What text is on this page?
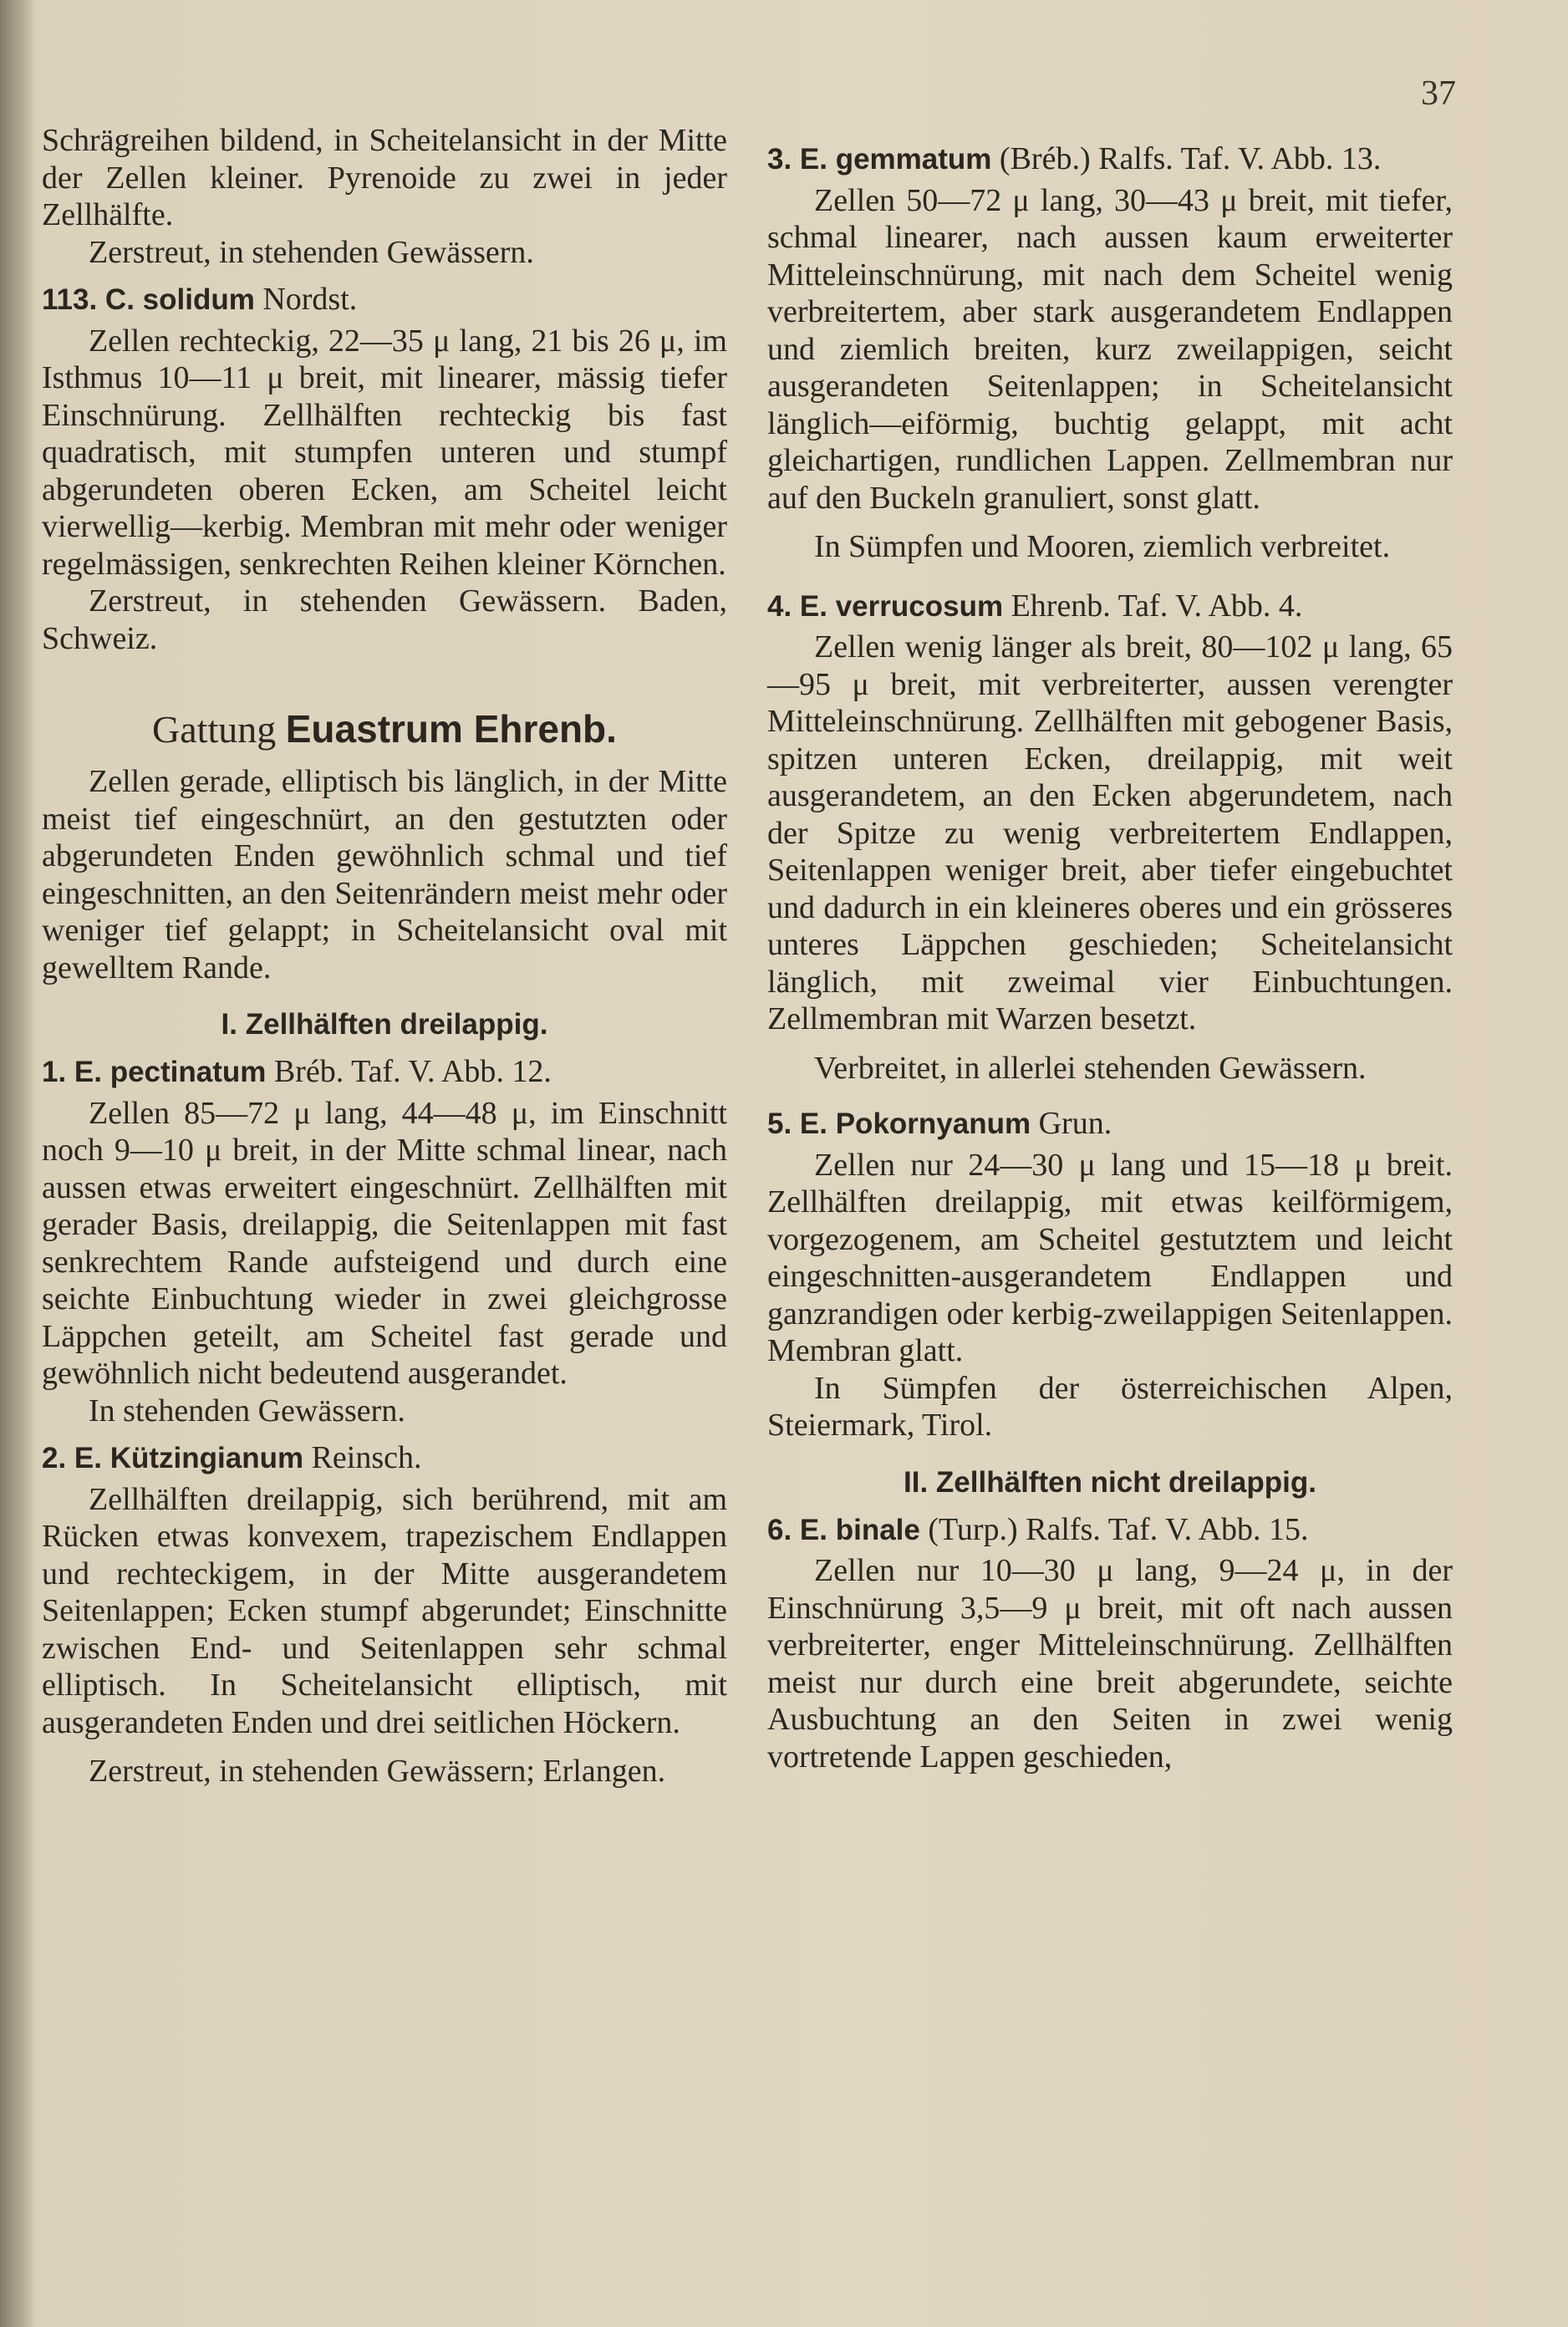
37

Schrägreihen bildend, in Scheitelansicht in der Mitte der Zellen kleiner. Pyrenoide zu zwei in jeder Zellhälfte.

Zerstreut, in stehenden Gewässern.

113. C. solidum Nordst.

Zellen rechteckig, 22—35 μ lang, 21 bis 26 μ, im Isthmus 10—11 μ breit, mit linearer, mässig tiefer Einschnürung. Zellhälften rechteckig bis fast quadratisch, mit stumpfen unteren und stumpf abgerundeten oberen Ecken, am Scheitel leicht vierwellig—kerbig. Membran mit mehr oder weniger regelmässigen, senkrechten Reihen kleiner Körnchen.

Zerstreut, in stehenden Gewässern. Baden, Schweiz.

Gattung Euastrum Ehrenb.

Zellen gerade, elliptisch bis länglich, in der Mitte meist tief eingeschnürt, an den gestutzten oder abgerundeten Enden gewöhnlich schmal und tief eingeschnitten, an den Seitenrändern meist mehr oder weniger tief gelappt; in Scheitelansicht oval mit gewelltem Rande.

I. Zellhälften dreilappig.
1. E. pectinatum Bréb. Taf. V. Abb. 12.

Zellen 85—72 μ lang, 44—48 μ, im Einschnitt noch 9—10 μ breit, in der Mitte schmal linear, nach aussen etwas erweitert eingeschnürt. Zellhälften mit gerader Basis, dreilappig, die Seitenlappen mit fast senkrechtem Rande aufsteigend und durch eine seichte Einbuchtung wieder in zwei gleichgrosse Läppchen geteilt, am Scheitel fast gerade und gewöhnlich nicht bedeutend ausgerandet.

In stehenden Gewässern.

2. E. Kützingianum Reinsch.

Zellhälften dreilappig, sich berührend, mit am Rücken etwas konvexem, trapezischem Endlappen und rechteckigem, in der Mitte ausgerandetem Seitenlappen; Ecken stumpf abgerundet; Einschnitte zwischen End- und Seitenlappen sehr schmal elliptisch. In Scheitelansicht elliptisch, mit ausgerandeten Enden und drei seitlichen Höckern.

Zerstreut, in stehenden Gewässern; Erlangen.

3. E. gemmatum (Bréb.) Ralfs. Taf. V. Abb. 13.

Zellen 50—72 μ lang, 30—43 μ breit, mit tiefer, schmal linearer, nach aussen kaum erweiterter Mitteleinschnürung, mit nach dem Scheitel wenig verbreitertem, aber stark ausgerandetem Endlappen und ziemlich breiten, kurz zweilappigen, seicht ausgerandeten Seitenlappen; in Scheitelansicht länglich—eiförmig, buchtig gelappt, mit acht gleichartigen, rundlichen Lappen. Zellmembran nur auf den Buckeln granuliert, sonst glatt.

In Sümpfen und Mooren, ziemlich verbreitet.

4. E. verrucosum Ehrenb. Taf. V. Abb. 4.

Zellen wenig länger als breit, 80—102 μ lang, 65—95 μ breit, mit verbreiterter, aussen verengter Mitteleinschnürung. Zellhälften mit gebogener Basis, spitzen unteren Ecken, dreilappig, mit weit ausgerandetem, an den Ecken abgerundetem, nach der Spitze zu wenig verbreitertem Endlappen, Seitenlappen weniger breit, aber tiefer eingebuchtet und dadurch in ein kleineres oberes und ein grösseres unteres Läppchen geschieden; Scheitelansicht länglich, mit zweimal vier Einbuchtungen. Zellmembran mit Warzen besetzt.

Verbreitet, in allerlei stehenden Gewässern.

5. E. Pokornyanum Grun.

Zellen nur 24—30 μ lang und 15—18 μ breit. Zellhälften dreilappig, mit etwas keilförmigem, vorgezogenem, am Scheitel gestutztem und leicht eingeschnitten-ausgerandetem Endlappen und ganzrandigen oder kerbig-zweilappigen Seitenlappen. Membran glatt.

In Sümpfen der österreichischen Alpen, Steiermark, Tirol.

II. Zellhälften nicht dreilappig.
6. E. binale (Turp.) Ralfs. Taf. V. Abb. 15.

Zellen nur 10—30 μ lang, 9—24 μ, in der Einschnürung 3,5—9 μ breit, mit oft nach aussen verbreiterter, enger Mitteleinschnürung. Zellhälften meist nur durch eine breit abgerundete, seichte Ausbuchtung an den Seiten in zwei wenig vortretende Lappen geschieden,
